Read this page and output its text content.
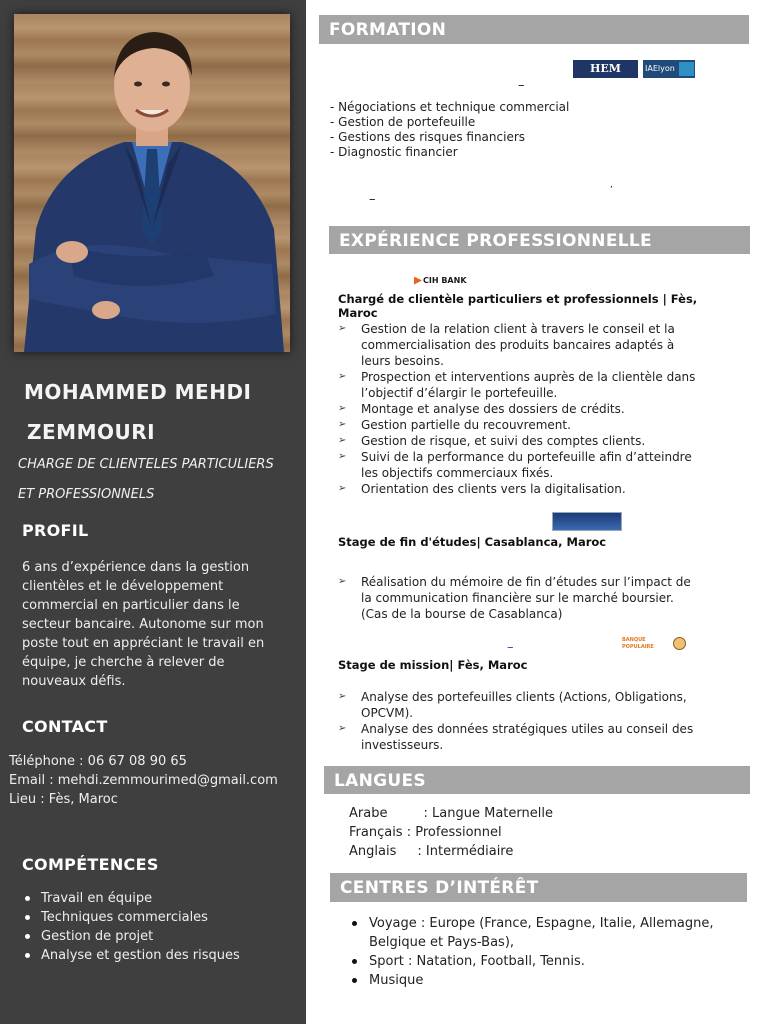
MOHAMMED MEHDI
ZEMMOURI
CHARGE DE CLIENTELES PARTICULIERS
ET PROFESSIONNELS
PROFIL
6 ans d’expérience dans la gestion clientèles et le développement commercial en particulier dans le secteur bancaire. Autonome sur mon poste tout en appréciant le travail en équipe, je cherche à relever de nouveaux défis.
CONTACT
Téléphone : 06 67 08 90 65
Email : mehdi.zemmourimed@gmail.com
Lieu : Fès, Maroc
COMPÉTENCES
Travail en équipe
Techniques commerciales
Gestion de projet
Analyse et gestion des risques
FORMATION
HEM	IAElyon
–
- Négociations et technique commercial
- Gestion de portefeuille
- Gestions des risques financiers
- Diagnostic financier
,
–
EXPÉRIENCE PROFESSIONNELLE
CIH BANK
Chargé de clientèle particuliers et professionnels | Fès, Maroc
➢ Gestion de la relation client à travers le conseil et la commercialisation des produits bancaires adaptés à leurs besoins.
➢ Prospection et interventions auprès de la clientèle dans l’objectif d’élargir le portefeuille.
➢ Montage et analyse des dossiers de crédits.
➢ Gestion partielle du recouvrement.
➢ Gestion de risque, et suivi des comptes clients.
➢ Suivi de la performance du portefeuille afin d’atteindre les objectifs commerciaux fixés.
➢ Orientation des clients vers la digitalisation.
Stage de fin d'études| Casablanca, Maroc
➢ Réalisation du mémoire de fin d’études sur l’impact de la communication financière sur le marché boursier. (Cas de la bourse de Casablanca)
–	BANQUE POPULAIRE
Stage de mission| Fès, Maroc
➢ Analyse des portefeuilles clients (Actions, Obligations, OPCVM).
➢ Analyse des données stratégiques utiles au conseil des investisseurs.
LANGUES
Arabe	: Langue Maternelle
Français : Professionnel
Anglais : Intermédiaire
CENTRES D’INTÉRÊT
Voyage : Europe (France, Espagne, Italie, Allemagne, Belgique et Pays-Bas),
Sport : Natation, Football, Tennis.
Musique
